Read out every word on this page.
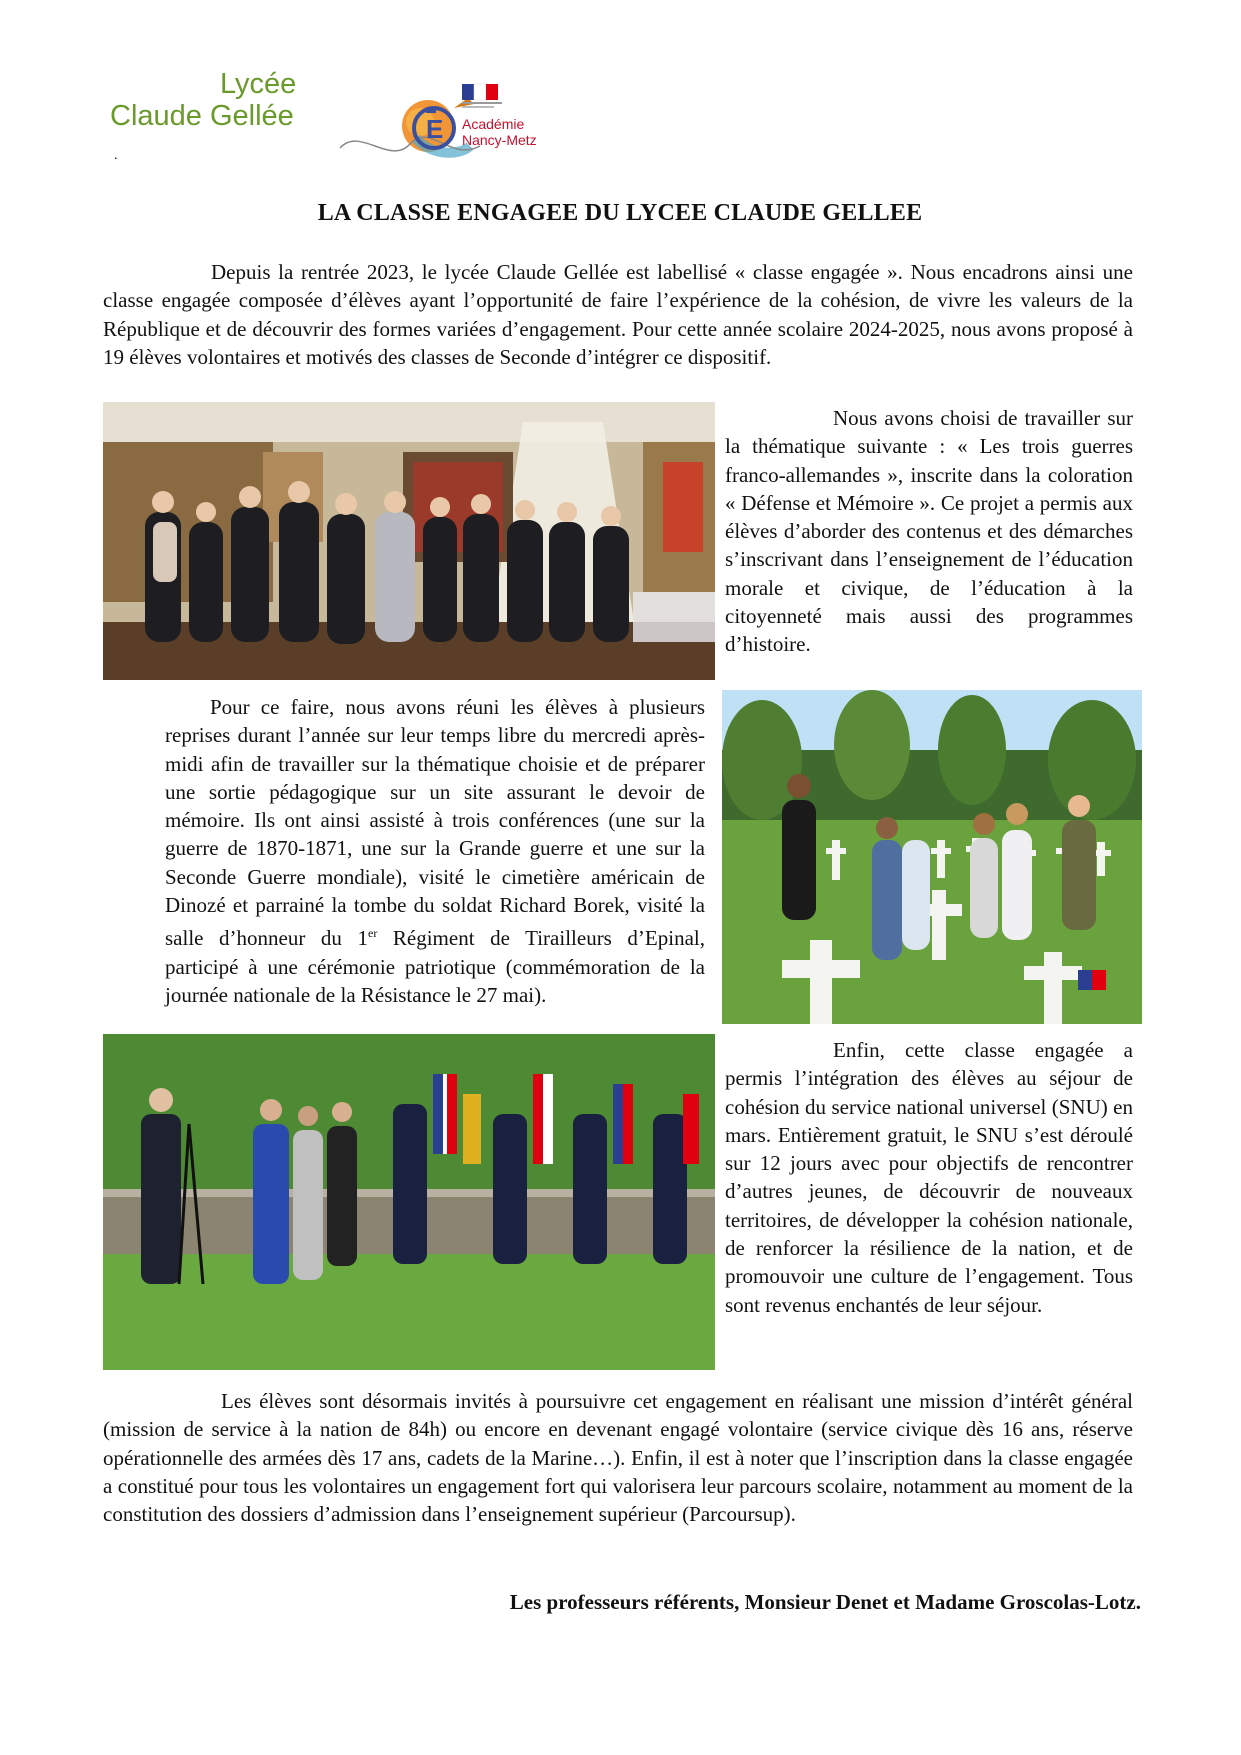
Lycée
Claude Gellée
.
E Académie
Nancy-Metz
LA CLASSE ENGAGEE DU LYCEE CLAUDE GELLEE

Depuis la rentrée 2023, le lycée Claude Gellée est labellisé « classe engagée ». Nous encadrons ainsi une classe engagée composée d’élèves ayant l’opportunité de faire l’expérience de la cohésion, de vivre les valeurs de la République et de découvrir des formes variées d’engagement. Pour cette année scolaire 2024-2025, nous avons proposé à 19 élèves volontaires et motivés des classes de Seconde d’intégrer ce dispositif.

Nous avons choisi de travailler sur la thématique suivante : « Les trois guerres franco-allemandes », inscrite dans la coloration « Défense et Mémoire ». Ce projet a permis aux élèves d’aborder des contenus et des démarches s’inscrivant dans l’enseignement de l’éducation morale et civique, de l’éducation à la citoyenneté mais aussi des programmes d’histoire.

Pour ce faire, nous avons réuni les élèves à plusieurs reprises durant l’année sur leur temps libre du mercredi après-midi afin de travailler sur la thématique choisie et de préparer une sortie pédagogique sur un site assurant le devoir de mémoire. Ils ont ainsi assisté à trois conférences (une sur la guerre de 1870-1871, une sur la Grande guerre et une sur la Seconde Guerre mondiale), visité le cimetière américain de Dinozé et parrainé la tombe du soldat Richard Borek, visité la salle d’honneur du 1er Régiment de Tirailleurs d’Epinal, participé à une cérémonie patriotique (commémoration de la journée nationale de la Résistance le 27 mai).

Enfin, cette classe engagée a permis l’intégration des élèves au séjour de cohésion du service national universel (SNU) en mars. Entièrement gratuit, le SNU s’est déroulé sur 12 jours avec pour objectifs de rencontrer d’autres jeunes, de découvrir de nouveaux territoires, de développer la cohésion nationale, de renforcer la résilience de la nation, et de promouvoir une culture de l’engagement. Tous sont revenus enchantés de leur séjour.

Les élèves sont désormais invités à poursuivre cet engagement en réalisant une mission d’intérêt général (mission de service à la nation de 84h) ou encore en devenant engagé volontaire (service civique dès 16 ans, réserve opérationnelle des armées dès 17 ans, cadets de la Marine…). Enfin, il est à noter que l’inscription dans la classe engagée a constitué pour tous les volontaires un engagement fort qui valorisera leur parcours scolaire, notamment au moment de la constitution des dossiers d’admission dans l’enseignement supérieur (Parcoursup).

Les professeurs référents, Monsieur Denet et Madame Groscolas-Lotz.
